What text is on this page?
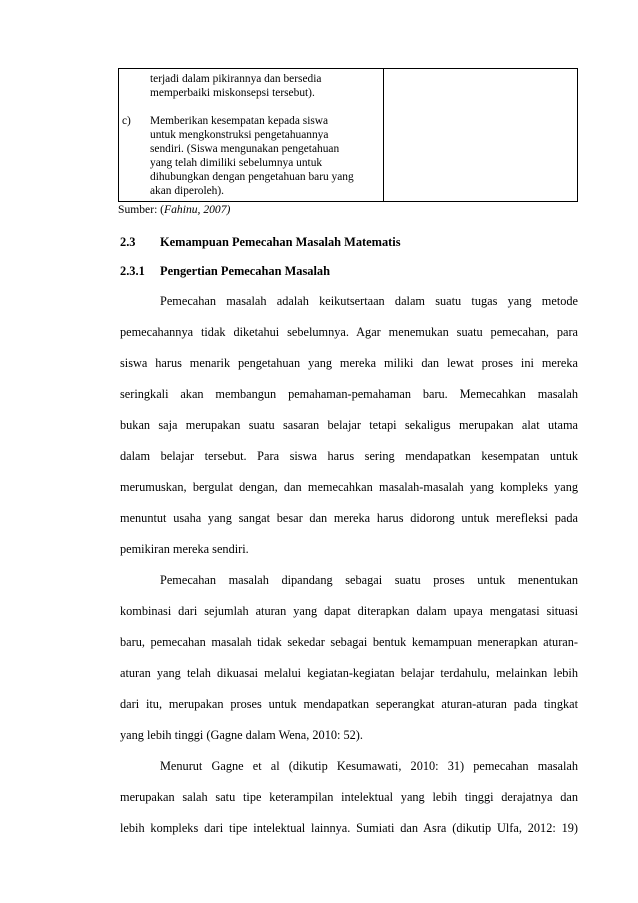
terjadi dalam pikirannya dan bersedia
memperbaiki miskonsepsi tersebut).
c) Memberikan kesempatan kepada siswa
untuk mengkonstruksi pengetahuannya
sendiri. (Siswa mengunakan pengetahuan
yang telah dimiliki sebelumnya untuk
dihubungkan dengan pengetahuan baru yang
akan diperoleh).
Sumber: (Fahinu, 2007)
2.3 Kemampuan Pemecahan Masalah Matematis
2.3.1 Pengertian Pemecahan Masalah
Pemecahan masalah adalah keikutsertaan dalam suatu tugas yang metode
pemecahannya tidak diketahui sebelumnya. Agar menemukan suatu pemecahan, para
siswa harus menarik pengetahuan yang mereka miliki dan lewat proses ini mereka
seringkali akan membangun pemahaman-pemahaman baru. Memecahkan masalah
bukan saja merupakan suatu sasaran belajar tetapi sekaligus merupakan alat utama
dalam belajar tersebut. Para siswa harus sering mendapatkan kesempatan untuk
merumuskan, bergulat dengan, dan memecahkan masalah-masalah yang kompleks yang
menuntut usaha yang sangat besar dan mereka harus didorong untuk merefleksi pada
pemikiran mereka sendiri.
Pemecahan masalah dipandang sebagai suatu proses untuk menentukan
kombinasi dari sejumlah aturan yang dapat diterapkan dalam upaya mengatasi situasi
baru, pemecahan masalah tidak sekedar sebagai bentuk kemampuan menerapkan aturan-
aturan yang telah dikuasai melalui kegiatan-kegiatan belajar terdahulu, melainkan lebih
dari itu, merupakan proses untuk mendapatkan seperangkat aturan-aturan pada tingkat
yang lebih tinggi (Gagne dalam Wena, 2010: 52).
Menurut Gagne et al (dikutip Kesumawati, 2010: 31) pemecahan masalah
merupakan salah satu tipe keterampilan intelektual yang lebih tinggi derajatnya dan
lebih kompleks dari tipe intelektual lainnya. Sumiati dan Asra (dikutip Ulfa, 2012: 19)
